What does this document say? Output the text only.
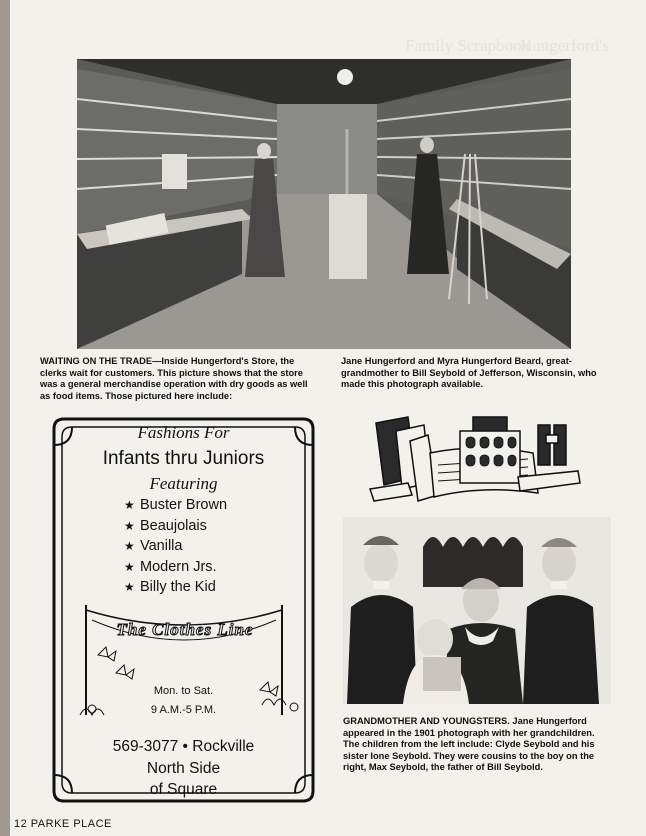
Family Scrapbook
Hungerford's
WAITING ON THE TRADE—Inside Hungerford's Store, the clerks wait for customers. This picture shows that the store was a general merchandise operation with dry goods as well as food items. Those pictured here include:
Jane Hungerford and Myra Hungerford Beard, great-grandmother to Bill Seybold of Jefferson, Wisconsin, who made this photograph available.
Fashions For
Infants thru Juniors
Featuring
★ Buster Brown
★ Beaujolais
★ Vanilla
★ Modern Jrs.
★ Billy the Kid
The Clothes Line
Mon. to Sat.
9 A.M.-5 P.M.
569-3077 • Rockville
North Side
of Square
GRANDMOTHER AND YOUNGSTERS. Jane Hungerford appeared in the 1901 photograph with her grandchildren. The children from the left include: Clyde Seybold and his sister Ione Seybold. They were cousins to the boy on the right, Max Seybold, the father of Bill Seybold.
12 PARKE PLACE
